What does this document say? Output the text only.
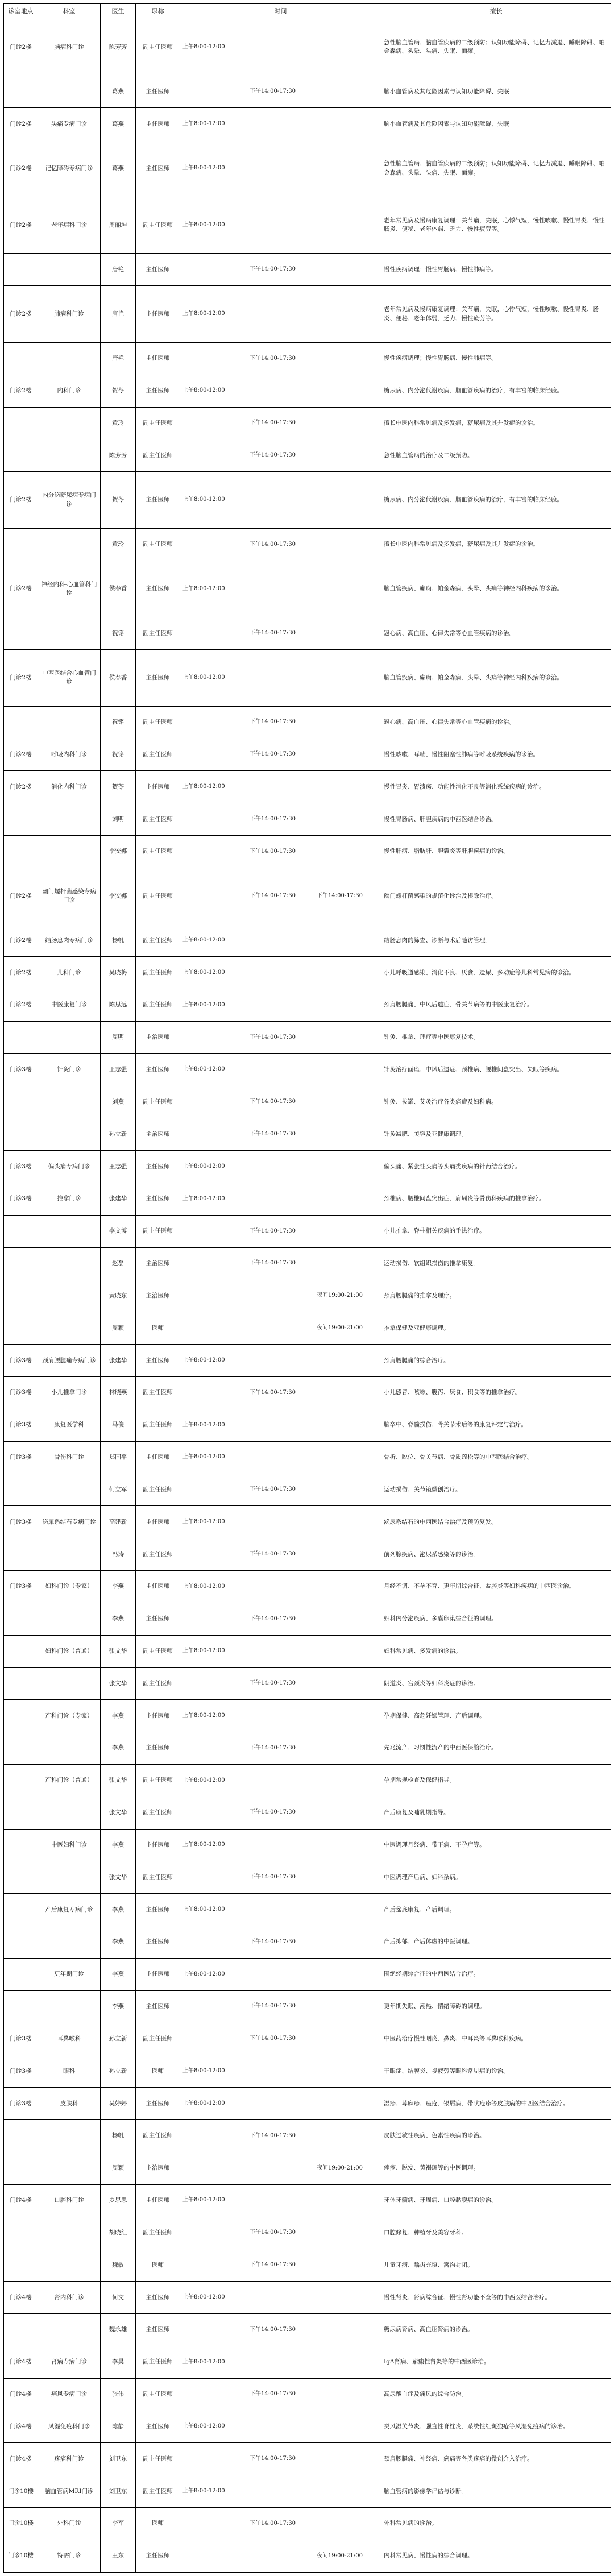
诊室地点	科室	医生	职称	时间			擅长
门诊2楼	脑病科门诊	陈芳芳	副主任医师	上午8:00-12:00			急性脑血管病、脑血管疾病的二级预防；认知功能障碍、记忆力减退、睡眠障碍、帕金森病、头晕、头痛、失眠、面瘫。
		葛燕	主任医师		下午14:00-17:30		脑小血管病及其危险因素与认知功能障碍、失眠
门诊2楼	头痛专病门诊	葛燕	主任医师	上午8:00-12:00			脑小血管病及其危险因素与认知功能障碍、失眠
门诊2楼	记忆障碍专病门诊	葛燕	主任医师	上午8:00-12:00			急性脑血管病、脑血管疾病的二级预防；认知功能障碍、记忆力减退、睡眠障碍、帕金森病、头晕、头痛、失眠、面瘫。
门诊2楼	老年病科门诊	周丽坤	副主任医师	上午8:00-12:00			老年常见病及慢病康复调理；关节痛，失眠，心悸气短，慢性咳嗽、慢性胃炎、慢性肠炎、便秘、老年体弱、乏力、慢性疲劳等。
		唐艳	主任医师		下午14:00-17:30		慢性疾病调理；慢性胃肠病、慢性肺病等。
门诊2楼	肺病科门诊	唐艳	主任医师	上午8:00-12:00			老年常见病及慢病康复调理；关节痛，失眠，心悸气短，慢性咳嗽、慢性胃炎、肠炎、便秘、老年体弱、乏力、慢性疲劳等。
		唐艳	主任医师		下午14:00-17:30		慢性疾病调理；慢性胃肠病、慢性肺病等。
门诊2楼	内科门诊	贺苓	主任医师	上午8:00-12:00			糖尿病、内分泌代谢疾病、脑血管疾病的治疗，有丰富的临床经验。
		黄玲	副主任医师		下午14:00-17:30		擅长中医内科常见病及多发病，糖尿病及其并发症的诊治。
		陈芳芳	副主任医师		下午14:00-17:30		急性脑血管病的治疗及二级预防。
门诊2楼	内分泌糖尿病专病门诊	贺苓	主任医师	上午8:00-12:00			糖尿病、内分泌代谢疾病、脑血管疾病的治疗，有丰富的临床经验。
		黄玲	副主任医师		下午14:00-17:30		擅长中医内科常见病及多发病，糖尿病及其并发症的诊治。
门诊2楼	神经内科-心血管科门诊	侯春香	主任医师	上午8:00-12:00			脑血管疾病、癫痫、帕金森病、头晕、头痛等神经内科疾病的诊治。
		祝铭	副主任医师		下午14:00-17:30		冠心病、高血压、心律失常等心血管疾病的诊治。
门诊2楼	中西医结合心血管门诊	侯春香	主任医师	上午8:00-12:00			脑血管疾病、癫痫、帕金森病、头晕、头痛等神经内科疾病的诊治。
		祝铭	副主任医师		下午14:00-17:30		冠心病、高血压、心律失常等心血管疾病的诊治。
门诊2楼	呼吸内科门诊	祝铭	副主任医师		下午14:00-17:30		慢性咳嗽、哮喘、慢性阻塞性肺病等呼吸系统疾病的诊治。
门诊2楼	消化内科门诊	贺苓	主任医师	上午8:00-12:00			慢性胃炎、胃溃疡、功能性消化不良等消化系统疾病的诊治。
		刘明	副主任医师		下午14:00-17:30		慢性胃肠病、肝胆疾病的中西医结合诊治。
		李安娜	副主任医师		下午14:00-17:30		慢性肝病、脂肪肝、胆囊炎等肝胆疾病的诊治。
门诊2楼	幽门螺杆菌感染专病门诊	李安娜	副主任医师		下午14:00-17:30	下午14:00-17:30	幽门螺杆菌感染的规范化诊治及根除治疗。
门诊2楼	结肠息肉专病门诊	杨帆	副主任医师	上午8:00-12:00			结肠息肉的筛查、诊断与术后随访管理。
门诊2楼	儿科门诊	吴晓梅	副主任医师	上午8:00-12:00			小儿呼吸道感染、消化不良、厌食、遗尿、多动症等儿科常见病的诊治。
门诊2楼	中医康复门诊	陈思远	副主任医师	上午8:00-12:00			颈肩腰腿痛、中风后遗症、骨关节病等的中医康复治疗。
		周明	主治医师		下午14:00-17:30		针灸、推拿、理疗等中医康复技术。
门诊3楼	针灸门诊	王志强	主任医师	上午8:00-12:00			针灸治疗面瘫、中风后遗症、颈椎病、腰椎间盘突出、失眠等疾病。
		刘燕	副主任医师		下午14:00-17:30		针灸、拔罐、艾灸治疗各类痛症及妇科病。
		孙立新	主治医师		下午14:00-17:30		针灸减肥、美容及亚健康调理。
门诊3楼	偏头痛专病门诊	王志强	主任医师	上午8:00-12:00			偏头痛、紧张性头痛等头痛类疾病的针药结合治疗。
门诊3楼	推拿门诊	张建华	主任医师	上午8:00-12:00			颈椎病、腰椎间盘突出症、肩周炎等骨伤科疾病的推拿治疗。
		李文博	副主任医师		下午14:00-17:30		小儿推拿、脊柱相关疾病的手法治疗。
		赵磊	主治医师		下午14:00-17:30		运动损伤、软组织损伤的推拿康复。
		黄晓东	主治医师			夜间19:00-21:00	颈肩腰腿痛的推拿及理疗。
		周颖	医师			夜间19:00-21:00	推拿保健及亚健康调理。
门诊3楼	颈肩腰腿痛专病门诊	张建华	主任医师	上午8:00-12:00			颈肩腰腿痛的综合治疗。
门诊3楼	小儿推拿门诊	林晓燕	副主任医师		下午14:00-17:30		小儿感冒、咳嗽、腹泻、厌食、积食等的推拿治疗。
门诊3楼	康复医学科	马俊	副主任医师	上午8:00-12:00			脑卒中、脊髓损伤、骨关节术后等的康复评定与治疗。
门诊3楼	骨伤科门诊	郑国平	主任医师	上午8:00-12:00			骨折、脱位、骨关节病、骨质疏松等的中西医结合治疗。
		何立军	副主任医师		下午14:00-17:30		运动损伤、关节镜微创治疗。
门诊3楼	泌尿系结石专病门诊	高建新	主任医师	上午8:00-12:00			泌尿系结石的中西医结合治疗及预防复发。
		冯涛	副主任医师		下午14:00-17:30		前列腺疾病、泌尿系感染等的诊治。
门诊3楼	妇科门诊（专家）	李燕	主任医师	上午8:00-12:00			月经不调、不孕不育、更年期综合征、盆腔炎等妇科疾病的中西医诊治。
		李燕	主任医师		下午14:00-17:30		妇科内分泌疾病、多囊卵巢综合征的调理。
	妇科门诊（普通）	张文华	副主任医师	上午8:00-12:00			妇科常见病、多发病的诊治。
		张文华	副主任医师		下午14:00-17:30		阴道炎、宫颈炎等妇科炎症的诊治。
	产科门诊（专家）	李燕	主任医师	上午8:00-12:00			孕期保健、高危妊娠管理、产后调理。
		李燕	主任医师		下午14:00-17:30		先兆流产、习惯性流产的中西医保胎治疗。
	产科门诊（普通）	张文华	副主任医师	上午8:00-12:00			孕期常规检查及保健指导。
		张文华	副主任医师		下午14:00-17:30		产后康复及哺乳期指导。
	中医妇科门诊	李燕	主任医师	上午8:00-12:00			中医调理月经病、带下病、不孕症等。
		张文华	副主任医师		下午14:00-17:30		中医调理产后病、妇科杂病。
	产后康复专病门诊	李燕	主任医师	上午8:00-12:00			产后盆底康复、产后调理。
		李燕	主任医师		下午14:00-17:30		产后抑郁、产后体虚的中医调理。
	更年期门诊	李燕	主任医师	上午8:00-12:00			围绝经期综合征的中西医结合治疗。
		李燕	主任医师		下午14:00-17:30		更年期失眠、潮热、情绪障碍的调理。
门诊3楼	耳鼻喉科	孙立新	副主任医师		下午14:00-17:30		中医药治疗慢性咽炎、鼻炎、中耳炎等耳鼻喉科疾病。
门诊3楼	眼科	孙立新	医师	上午8:00-12:00			干眼症、结膜炎、视疲劳等眼科常见病的诊治。
门诊3楼	皮肤科	吴婷婷	主任医师	上午8:00-12:00			湿疹、荨麻疹、痤疮、银屑病、带状疱疹等皮肤病的中西医结合治疗。
		杨帆	副主任医师		下午14:00-17:30		皮肤过敏性疾病、色素性疾病的诊治。
		周颖	主治医师			夜间19:00-21:00	痤疮、脱发、黄褐斑等的中医调理。
门诊4楼	口腔科门诊	罗思思	主任医师	上午8:00-12:00			牙体牙髓病、牙周病、口腔黏膜病的诊治。
		胡晓红	副主任医师		下午14:00-17:30		口腔修复、种植牙及美容牙科。
		魏敏	医师		下午14:00-17:30		儿童牙病、龋齿充填、窝沟封闭。
门诊4楼	肾内科门诊	何文	主任医师	上午8:00-12:00			慢性肾炎、肾病综合征、慢性肾功能不全等的中西医结合治疗。
		魏永雄	主任医师		下午14:00-17:30		糖尿病肾病、高血压肾病的诊治。
门诊4楼	肾病专病门诊	李昊	副主任医师	上午8:00-12:00			IgA肾病、紫癜性肾炎等的中西医诊治。
门诊4楼	痛风专病门诊	张伟	副主任医师		下午14:00-17:30		高尿酸血症及痛风的综合防治。
门诊4楼	风湿免疫科门诊	陈静	主任医师	上午8:00-12:00			类风湿关节炎、强直性脊柱炎、系统性红斑狼疮等风湿免疫病的诊治。
门诊4楼	疼痛科门诊	刘卫东	副主任医师		下午14:00-17:30		颈肩腰腿痛、神经痛、癌痛等各类疼痛的微创介入治疗。
门诊10楼	脑血管病MRI门诊	刘卫东	副主任医师	上午8:00-12:00			脑血管病的影像学评估与诊断。
门诊10楼	外科门诊	李军	医师		下午14:00-17:30		外科常见病的诊治。
门诊10楼	特需门诊	王东	主任医师			夜间19:00-21:00	内科常见病、慢性病的综合调理。
